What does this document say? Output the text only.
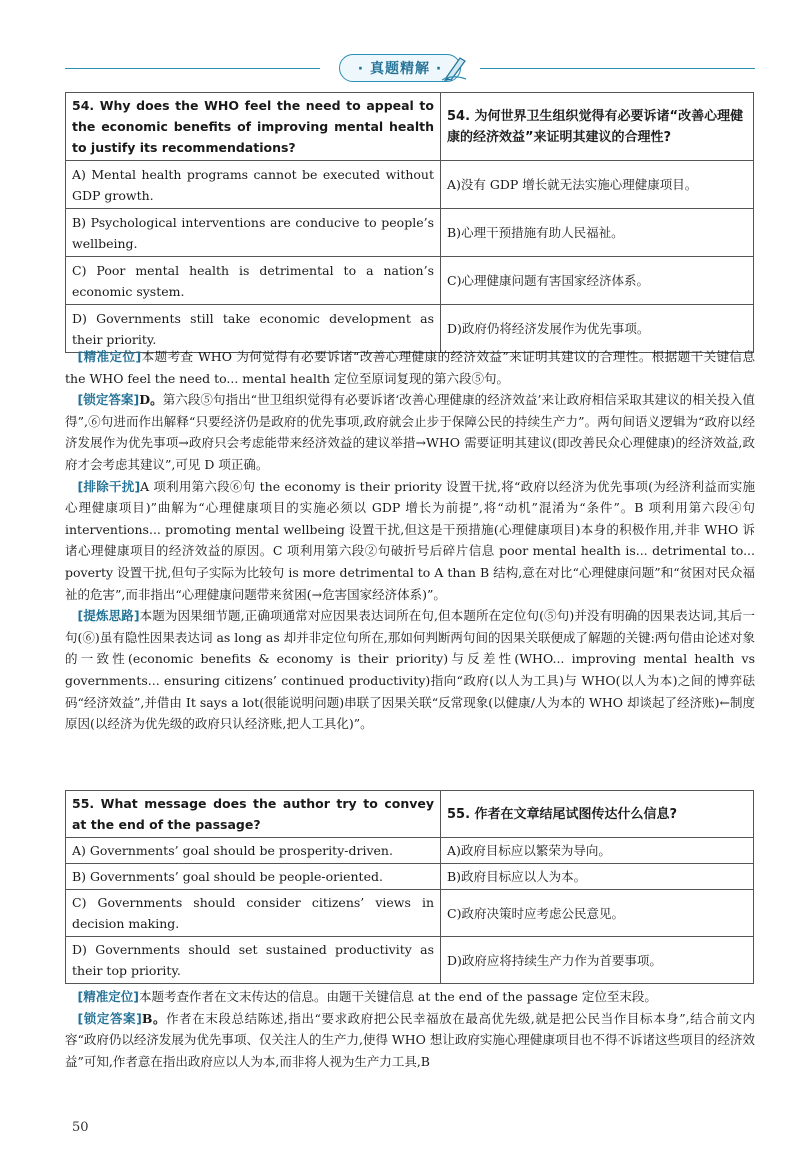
· 真题精解 ·
54. Why does the WHO feel the need to appeal to the economic benefits of improving mental health to justify its recommendations?	54. 为何世界卫生组织觉得有必要诉诸“改善心理健康的经济效益”来证明其建议的合理性?
A) Mental health programs cannot be executed without GDP growth.	A)没有 GDP 增长就无法实施心理健康项目。
B) Psychological interventions are conducive to people’s wellbeing.	B)心理干预措施有助人民福祉。
C) Poor mental health is detrimental to a nation’s economic system.	C)心理健康问题有害国家经济体系。
D) Governments still take economic development as their priority.	D)政府仍将经济发展作为优先事项。

[精准定位]本题考查 WHO 为何觉得有必要诉诸“改善心理健康的经济效益”来证明其建议的合理性。根据题干关键信息 the WHO feel the need to... mental health 定位至原词复现的第六段⑤句。

[锁定答案]D。第六段⑤句指出“世卫组织觉得有必要诉诸‘改善心理健康的经济效益’来让政府相信采取其建议的相关投入值得”,⑥句进而作出解释“只要经济仍是政府的优先事项,政府就会止步于保障公民的持续生产力”。两句间语义逻辑为“政府以经济发展作为优先事项→政府只会考虑能带来经济效益的建议举措→WHO 需要证明其建议(即改善民众心理健康)的经济效益,政府才会考虑其建议”,可见 D 项正确。

[排除干扰]A 项利用第六段⑥句 the economy is their priority 设置干扰,将“政府以经济为优先事项(为经济利益而实施心理健康项目)”曲解为“心理健康项目的实施必须以 GDP 增长为前提”,将“动机”混淆为“条件”。B 项利用第六段④句 interventions... promoting mental wellbeing 设置干扰,但这是干预措施(心理健康项目)本身的积极作用,并非 WHO 诉诸心理健康项目的经济效益的原因。C 项利用第六段②句破折号后碎片信息 poor mental health is... detrimental to... poverty 设置干扰,但句子实际为比较句 is more detrimental to A than B 结构,意在对比“心理健康问题”和“贫困对民众福祉的危害”,而非指出“心理健康问题带来贫困(→危害国家经济体系)”。

[提炼思路]本题为因果细节题,正确项通常对应因果表达词所在句,但本题所在定位句(⑤句)并没有明确的因果表达词,其后一句(⑥)虽有隐性因果表达词 as long as 却并非定位句所在,那如何判断两句间的因果关联便成了解题的关键:两句借由论述对象的一致性(economic benefits & economy is their priority)与反差性(WHO... improving mental health vs governments... ensuring citizens’ continued productivity)指向“政府(以人为工具)与 WHO(以人为本)之间的博弈砝码“经济效益”,并借由 It says a lot(很能说明问题)串联了因果关联“反常现象(以健康/人为本的 WHO 却谈起了经济账)←制度原因(以经济为优先级的政府只认经济账,把人工具化)”。

55. What message does the author try to convey at the end of the passage?	55. 作者在文章结尾试图传达什么信息?
A) Governments’ goal should be prosperity-driven.	A)政府目标应以繁荣为导向。
B) Governments’ goal should be people-oriented.	B)政府目标应以人为本。
C) Governments should consider citizens’ views in decision making.	C)政府决策时应考虑公民意见。
D) Governments should set sustained productivity as their top priority.	D)政府应将持续生产力作为首要事项。

[精准定位]本题考查作者在文末传达的信息。由题干关键信息 at the end of the passage 定位至末段。

[锁定答案]B。作者在末段总结陈述,指出“要求政府把公民幸福放在最高优先级,就是把公民当作目标本身”,结合前文内容“政府仍以经济发展为优先事项、仅关注人的生产力,使得 WHO 想让政府实施心理健康项目也不得不诉诸这些项目的经济效益”可知,作者意在指出政府应以人为本,而非将人视为生产力工具,B

50
